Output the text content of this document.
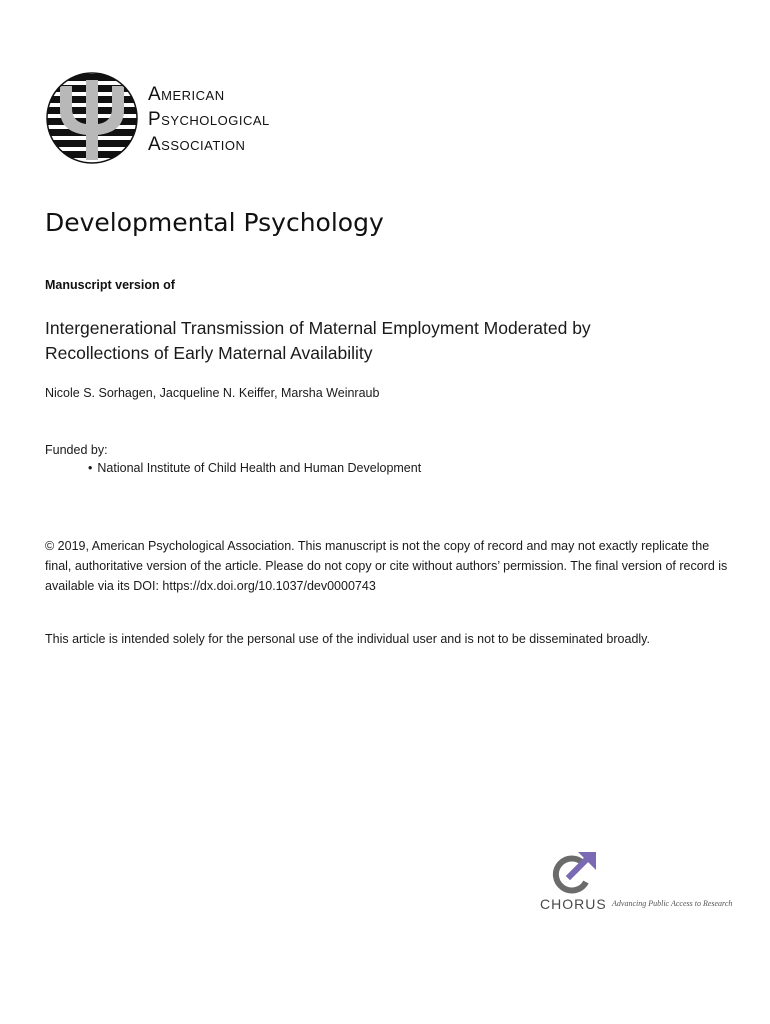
American
Psychological
Association
Developmental Psychology
Manuscript version of
Intergenerational Transmission of Maternal Employment Moderated by Recollections of Early Maternal Availability
Nicole S. Sorhagen, Jacqueline N. Keiffer, Marsha Weinraub
Funded by:
• National Institute of Child Health and Human Development
© 2019, American Psychological Association. This manuscript is not the copy of record and may not exactly replicate the final, authoritative version of the article. Please do not copy or cite without authors’ permission. The final version of record is available via its DOI: https://dx.doi.org/10.1037/dev0000743
This article is intended solely for the personal use of the individual user and is not to be disseminated broadly.
CHORUS Advancing Public Access to Research
